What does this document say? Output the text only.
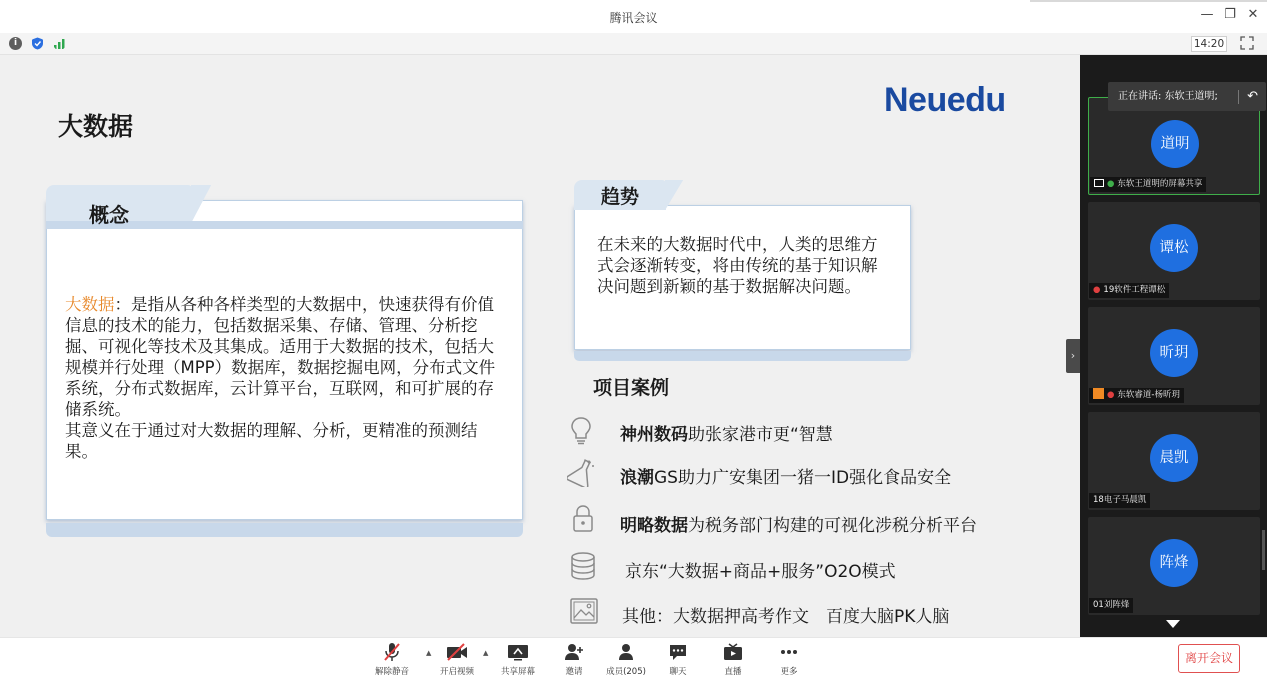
腾讯会议	— ❐ ✕
i	14:20
大数据
Neuedu
概念
大数据：是指从各种各样类型的大数据中，快速获得有价值信息的技术的能力，包括数据采集、存储、管理、分析挖掘、可视化等技术及其集成。适用于大数据的技术，包括大规模并行处理（MPP）数据库，数据挖掘电网，分布式文件系统，分布式数据库，云计算平台，互联网，和可扩展的存储系统。
其意义在于通过对大数据的理解、分析，更精准的预测结果。
趋势
在未来的大数据时代中，人类的思维方式会逐渐转变，将由传统的基于知识解决问题到新颖的基于数据解决问题。
项目案例
神州数码助张家港市更“智慧
浪潮GS助力广安集团一猪一ID强化食品安全
明略数据为税务部门构建的可视化涉税分析平台
京东“大数据+商品+服务”O2O模式
其他：大数据押高考作文　百度大脑PK人脑
›
道明
● 东软王道明的屏幕共享
正在讲话: 东软王道明; ↶
谭松
● 19软件工程谭松
昕玥
● 东软睿道-杨昕玥
晨凯
18电子马晨凯
阵烽
01刘阵烽
解除静音
▲
开启视频
▲
共享屏幕	邀请	成员(205)	聊天	直播	更多
离开会议
